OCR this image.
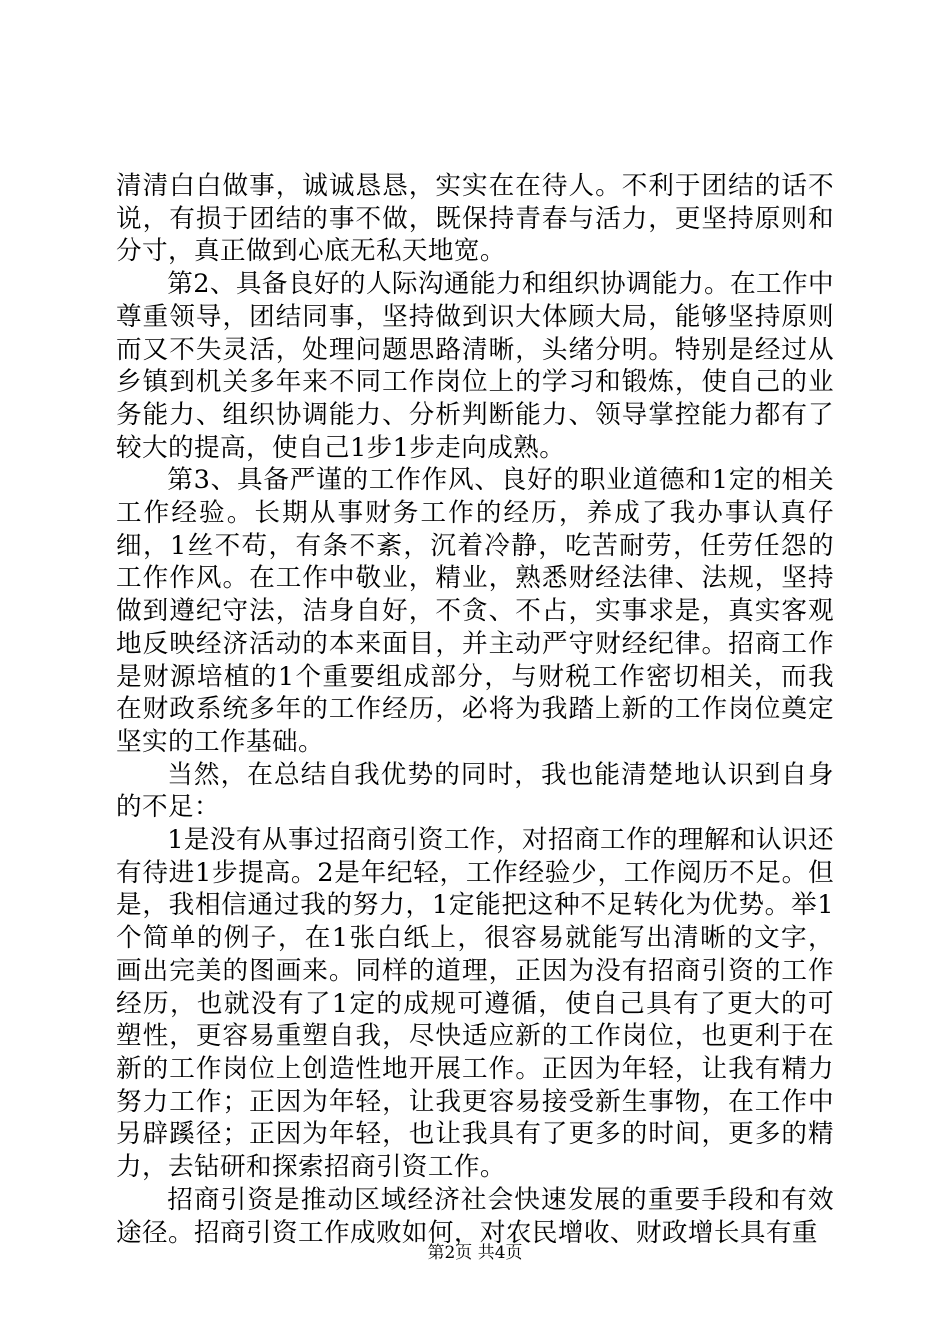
清清白白做事，诚诚恳恳，实实在在待人。不利于团结的话不说，有损于团结的事不做，既保持青春与活力，更坚持原则和分寸，真正做到心底无私天地宽。

第2、具备良好的人际沟通能力和组织协调能力。在工作中尊重领导，团结同事，坚持做到识大体顾大局，能够坚持原则而又不失灵活，处理问题思路清晰，头绪分明。特别是经过从乡镇到机关多年来不同工作岗位上的学习和锻炼，使自己的业务能力、组织协调能力、分析判断能力、领导掌控能力都有了较大的提高，使自己1步1步走向成熟。

第3、具备严谨的工作作风、良好的职业道德和1定的相关工作经验。长期从事财务工作的经历，养成了我办事认真仔细，1丝不苟，有条不紊，沉着冷静，吃苦耐劳，任劳任怨的工作作风。在工作中敬业，精业，熟悉财经法律、法规，坚持做到遵纪守法，洁身自好，不贪、不占，实事求是，真实客观地反映经济活动的本来面目，并主动严守财经纪律。招商工作是财源培植的1个重要组成部分，与财税工作密切相关，而我在财政系统多年的工作经历，必将为我踏上新的工作岗位奠定坚实的工作基础。

当然，在总结自我优势的同时，我也能清楚地认识到自身的不足：

1是没有从事过招商引资工作，对招商工作的理解和认识还有待进1步提高。2是年纪轻，工作经验少，工作阅历不足。但是，我相信通过我的努力，1定能把这种不足转化为优势。举1个简单的例子，在1张白纸上，很容易就能写出清晰的文字，画出完美的图画来。同样的道理，正因为没有招商引资的工作经历，也就没有了1定的成规可遵循，使自己具有了更大的可塑性，更容易重塑自我，尽快适应新的工作岗位，也更利于在新的工作岗位上创造性地开展工作。正因为年轻，让我有精力努力工作；正因为年轻，让我更容易接受新生事物，在工作中另辟蹊径；正因为年轻，也让我具有了更多的时间，更多的精力，去钻研和探索招商引资工作。

招商引资是推动区域经济社会快速发展的重要手段和有效途径。招商引资工作成败如何，对农民增收、财政增长具有重

第2页 共4页
